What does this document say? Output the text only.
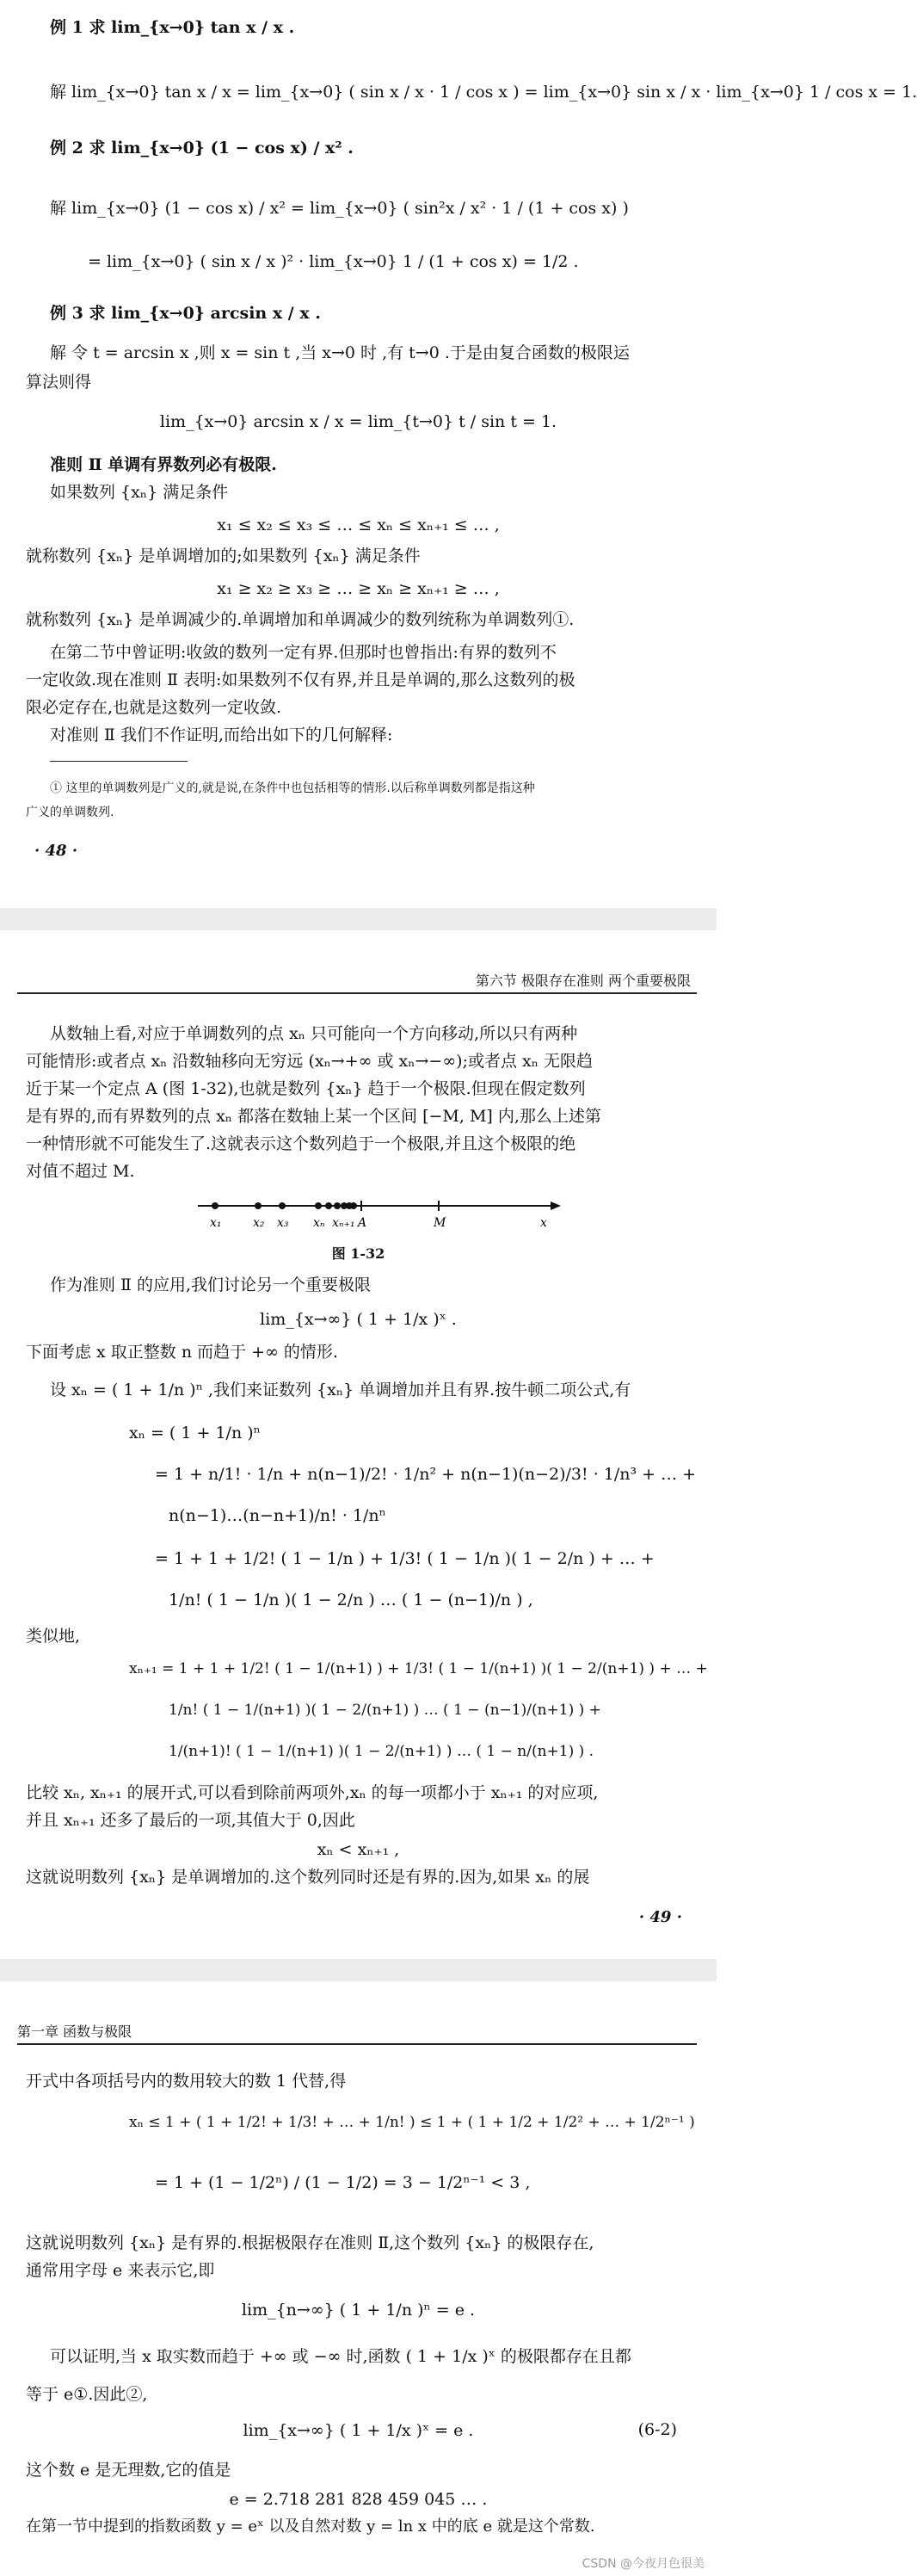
例 1 求 lim_{x→0} tan x / x .
解 lim_{x→0} tan x / x = lim_{x→0} ( sin x / x · 1 / cos x ) = lim_{x→0} sin x / x · lim_{x→0} 1 / cos x = 1.
例 2 求 lim_{x→0} (1 − cos x) / x² .
解 lim_{x→0} (1 − cos x) / x² = lim_{x→0} ( sin²x / x² · 1 / (1 + cos x) )
= lim_{x→0} ( sin x / x )² · lim_{x→0} 1 / (1 + cos x) = 1/2 .
例 3 求 lim_{x→0} arcsin x / x .
解 令 t = arcsin x ,则 x = sin t ,当 x→0 时 ,有 t→0 .于是由复合函数的极限运
算法则得
lim_{x→0} arcsin x / x = lim_{t→0} t / sin t = 1.
准则 Ⅱ 单调有界数列必有极限.
如果数列 {xₙ} 满足条件
x₁ ≤ x₂ ≤ x₃ ≤ … ≤ xₙ ≤ xₙ₊₁ ≤ … ,
就称数列 {xₙ} 是单调增加的;如果数列 {xₙ} 满足条件
x₁ ≥ x₂ ≥ x₃ ≥ … ≥ xₙ ≥ xₙ₊₁ ≥ … ,
就称数列 {xₙ} 是单调减少的.单调增加和单调减少的数列统称为单调数列①.
在第二节中曾证明:收敛的数列一定有界.但那时也曾指出:有界的数列不
一定收敛.现在准则 Ⅱ 表明:如果数列不仅有界,并且是单调的,那么这数列的极
限必定存在,也就是这数列一定收敛.
对准则 Ⅱ 我们不作证明,而给出如下的几何解释:
① 这里的单调数列是广义的,就是说,在条件中也包括相等的情形.以后称单调数列都是指这种
广义的单调数列.
· 48 ·
第六节 极限存在准则 两个重要极限
从数轴上看,对应于单调数列的点 xₙ 只可能向一个方向移动,所以只有两种
可能情形:或者点 xₙ 沿数轴移向无穷远 (xₙ→+∞ 或 xₙ→−∞);或者点 xₙ 无限趋
近于某一个定点 A (图 1-32),也就是数列 {xₙ} 趋于一个极限.但现在假定数列
是有界的,而有界数列的点 xₙ 都落在数轴上某一个区间 [−M, M] 内,那么上述第
一种情形就不可能发生了.这就表示这个数列趋于一个极限,并且这个极限的绝
对值不超过 M.
x₁	x₂ x₃ xₙ xₙ₊₁ A	M	x
图 1-32
作为准则 Ⅱ 的应用,我们讨论另一个重要极限
lim_{x→∞} ( 1 + 1/x )ˣ .
下面考虑 x 取正整数 n 而趋于 +∞ 的情形.
设 xₙ = ( 1 + 1/n )ⁿ ,我们来证数列 {xₙ} 单调增加并且有界.按牛顿二项公式,有
xₙ = ( 1 + 1/n )ⁿ
= 1 + n/1! · 1/n + n(n−1)/2! · 1/n² + n(n−1)(n−2)/3! · 1/n³ + … +
n(n−1)…(n−n+1)/n! · 1/nⁿ
= 1 + 1 + 1/2! ( 1 − 1/n ) + 1/3! ( 1 − 1/n )( 1 − 2/n ) + … +
1/n! ( 1 − 1/n )( 1 − 2/n ) … ( 1 − (n−1)/n ) ,
类似地,
xₙ₊₁ = 1 + 1 + 1/2! ( 1 − 1/(n+1) ) + 1/3! ( 1 − 1/(n+1) )( 1 − 2/(n+1) ) + … +
1/n! ( 1 − 1/(n+1) )( 1 − 2/(n+1) ) … ( 1 − (n−1)/(n+1) ) +
1/(n+1)! ( 1 − 1/(n+1) )( 1 − 2/(n+1) ) … ( 1 − n/(n+1) ) .
比较 xₙ, xₙ₊₁ 的展开式,可以看到除前两项外,xₙ 的每一项都小于 xₙ₊₁ 的对应项,
并且 xₙ₊₁ 还多了最后的一项,其值大于 0,因此
xₙ < xₙ₊₁ ,
这就说明数列 {xₙ} 是单调增加的.这个数列同时还是有界的.因为,如果 xₙ 的展
· 49 ·
第一章 函数与极限
开式中各项括号内的数用较大的数 1 代替,得
xₙ ≤ 1 + ( 1 + 1/2! + 1/3! + … + 1/n! ) ≤ 1 + ( 1 + 1/2 + 1/2² + … + 1/2ⁿ⁻¹ )
= 1 + (1 − 1/2ⁿ) / (1 − 1/2) = 3 − 1/2ⁿ⁻¹ < 3 ,
这就说明数列 {xₙ} 是有界的.根据极限存在准则 Ⅱ,这个数列 {xₙ} 的极限存在,
通常用字母 e 来表示它,即
lim_{n→∞} ( 1 + 1/n )ⁿ = e .
可以证明,当 x 取实数而趋于 +∞ 或 −∞ 时,函数 ( 1 + 1/x )ˣ 的极限都存在且都
等于 e①.因此②,
lim_{x→∞} ( 1 + 1/x )ˣ = e .	(6-2)
这个数 e 是无理数,它的值是
e = 2.718 281 828 459 045 … .
在第一节中提到的指数函数 y = eˣ 以及自然对数 y = ln x 中的底 e 就是这个常数.
CSDN @今夜月色很美
